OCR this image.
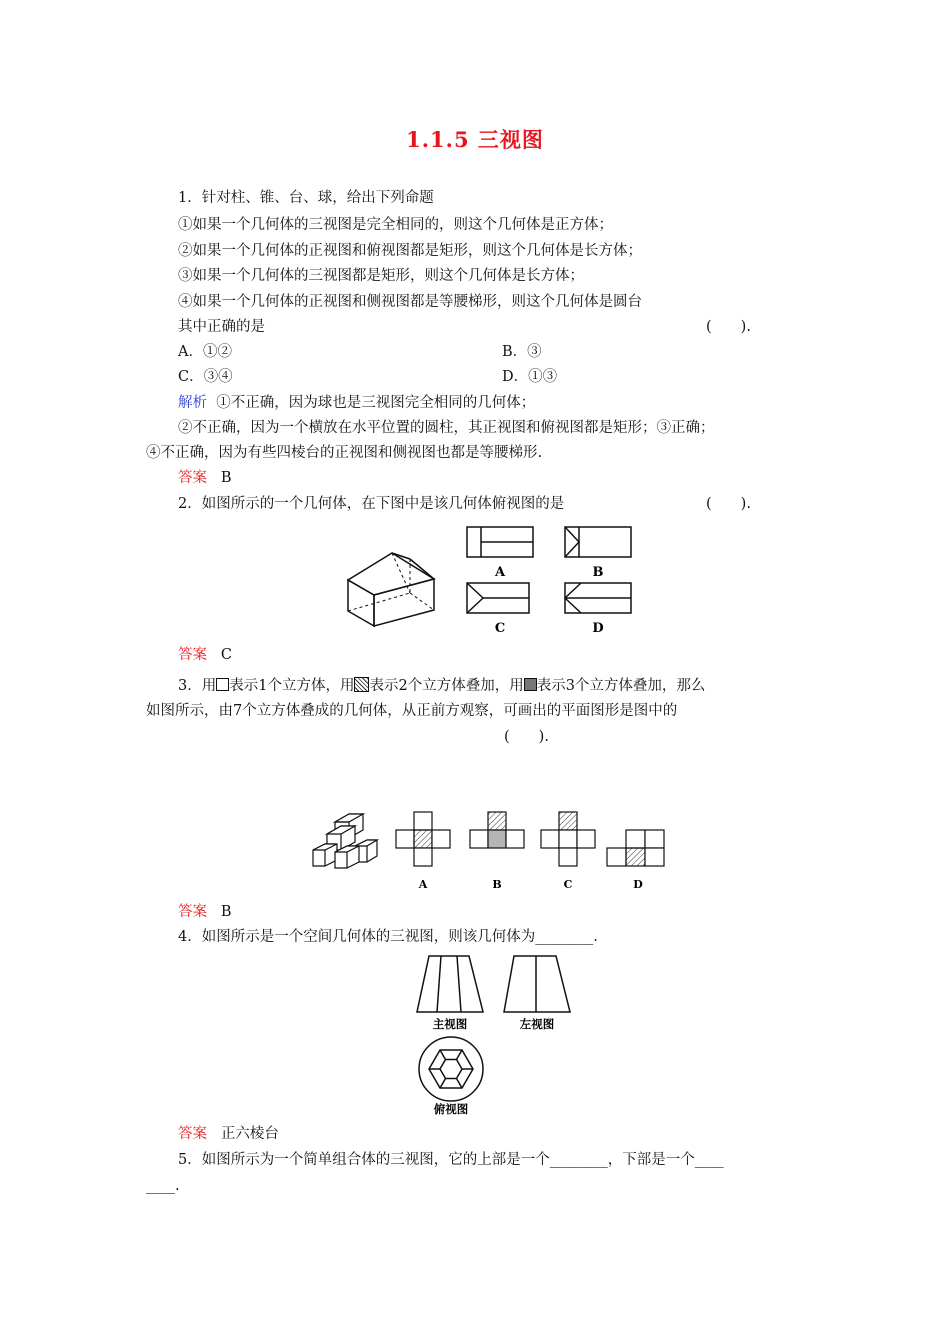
1.1.5 三视图
1．针对柱、锥、台、球，给出下列命题
①如果一个几何体的三视图是完全相同的，则这个几何体是正方体；
②如果一个几何体的正视图和俯视图都是矩形，则这个几何体是长方体；
③如果一个几何体的三视图都是矩形，则这个几何体是长方体；
④如果一个几何体的正视图和侧视图都是等腰梯形，则这个几何体是圆台
其中正确的是	(　　).
A．①②	B．③
C．③④	D．①③
解析 ①不正确，因为球也是三视图完全相同的几何体；
②不正确，因为一个横放在水平位置的圆柱，其正视图和俯视图都是矩形；③正确；
④不正确，因为有些四棱台的正视图和侧视图也都是等腰梯形.
答案 B
2．如图所示的一个几何体，在下图中是该几何体俯视图的是	(　　).
A	B
C	D
答案 C
3．用 表示1个立方体，用 表示2个立方体叠加，用 表示3个立方体叠加，那么
如图所示，由7个立方体叠成的几何体，从正前方观察，可画出的平面图形是图中的
(　　).
A	B	C	D
答案 B
4．如图所示是一个空间几何体的三视图，则该几何体为________.
主视图	左视图
俯视图
答案 正六棱台
5．如图所示为一个简单组合体的三视图，它的上部是一个________，下部是一个____
____.
